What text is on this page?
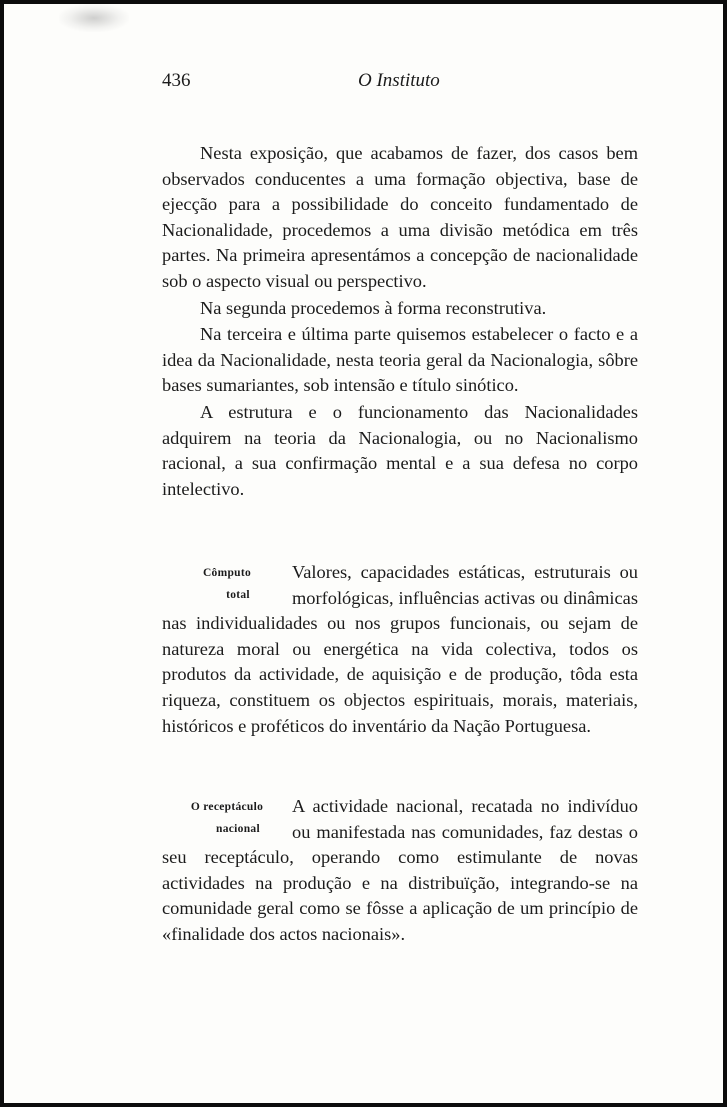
436	O Instituto

Nesta exposição, que acabamos de fazer, dos casos bem observados conducentes a uma formação objectiva, base de ejecção para a possibilidade do conceito fundamentado de Nacionalidade, procedemos a uma divisão metódica em três partes. Na primeira apresentámos a concepção de nacionalidade sob o aspecto visual ou perspectivo.

Na segunda procedemos à forma reconstrutiva.

Na terceira e última parte quisemos estabelecer o facto e a idea da Nacionalidade, nesta teoria geral da Nacionalogia, sôbre bases sumariantes, sob intensão e título sinótico.

A estrutura e o funcionamento das Nacionalidades adquirem na teoria da Nacionalogia, ou no Nacionalismo racional, a sua confirmação mental e a sua defesa no corpo intelectivo.

Cômputo
total

Valores, capacidades estáticas, estruturais ou morfológicas, influências activas ou dinâmicas nas individualidades ou nos grupos funcionais, ou sejam de natureza moral ou energética na vida colectiva, todos os produtos da actividade, de aquisição e de produção, tôda esta riqueza, constituem os objectos espirituais, morais, materiais, históricos e proféticos do inventário da Nação Portuguesa.

O receptáculo
nacional

A actividade nacional, recatada no indivíduo ou manifestada nas comunidades, faz destas o seu receptáculo, operando como estimulante de novas actividades na produção e na distribuïção, integrando-se na comunidade geral como se fôsse a aplicação de um princípio de «finalidade dos actos nacionais».
